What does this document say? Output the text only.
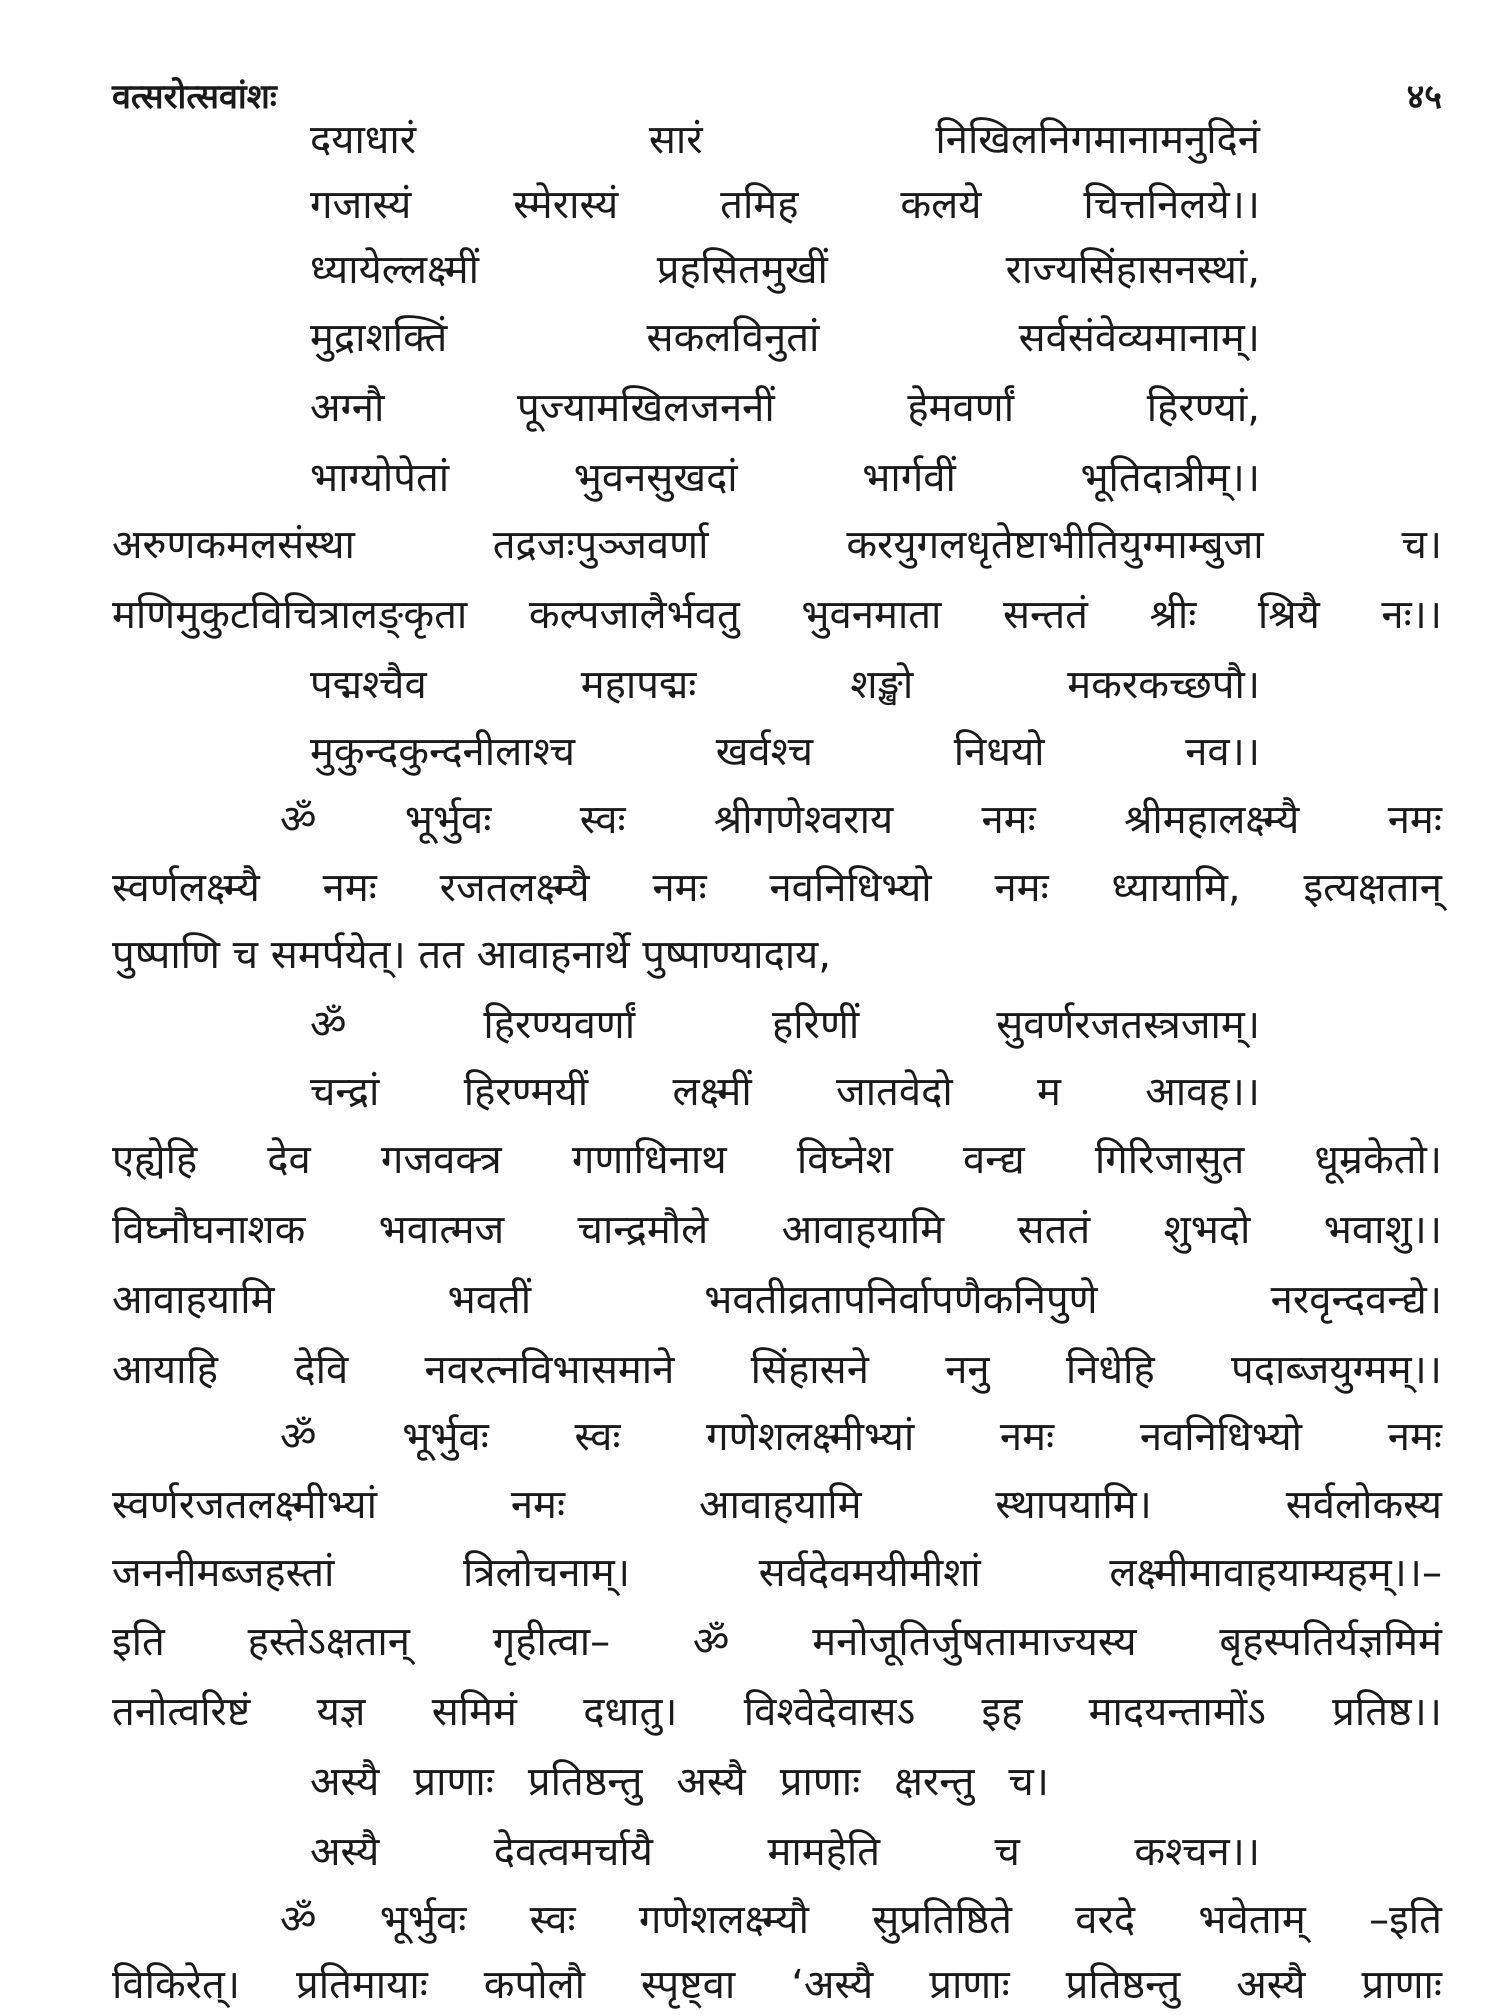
वत्सरोत्सवांशः	४५
दयाधारं	सारं	निखिलनिगमानामनुदिनं
गजास्यं	स्मेरास्यं	तमिह	कलये	चित्तनिलये।।
ध्यायेल्लक्ष्मीं	प्रहसितमुखीं	राज्यसिंहासनस्थां,
मुद्राशक्तिं	सकलविनुतां	सर्वसंवेव्यमानाम्।
अग्नौ	पूज्यामखिलजननीं	हेमवर्णां	हिरण्यां,
भाग्योपेतां	भुवनसुखदां	भार्गवीं	भूतिदात्रीम्।।
अरुणकमलसंस्था	तद्रजःपुञ्जवर्णा	करयुगलधृतेष्टाभीतियुग्माम्बुजा	च।
मणिमुकुटविचित्रालङ्कृता कल्पजालैर्भवतु भुवनमाता सन्ततं श्रीः श्रियै नः।।
पद्मश्चैव	महापद्मः	शङ्खो	मकरकच्छपौ।
मुकुन्दकुन्दनीलाश्च	खर्वश्च	निधयो	नव।।
ॐ भूर्भुवः स्वः श्रीगणेश्वराय नमः श्रीमहालक्ष्म्यै नमः
स्वर्णलक्ष्म्यै नमः रजतलक्ष्म्यै नमः नवनिधिभ्यो नमः ध्यायामि, इत्यक्षतान्
पुष्पाणि च समर्पयेत्। तत आवाहनार्थे पुष्पाण्यादाय,
ॐ	हिरण्यवर्णां	हरिणीं	सुवर्णरजतस्त्रजाम्।
चन्द्रां हिरण्मयीं लक्ष्मीं जातवेदो म आवह।।
एह्येहि देव गजवक्त्र गणाधिनाथ विघ्नेश वन्द्य गिरिजासुत धूम्रकेतो।
विघ्नौघनाशक भवात्मज चान्द्रमौले आवाहयामि सततं शुभदो भवाशु।।
आवाहयामि	भवतीं	भवतीव्रतापनिर्वापणैकनिपुणे	नरवृन्दवन्द्ये।
आयाहि देवि नवरत्नविभासमाने सिंहासने ननु निधेहि पदाब्जयुग्मम्।।
ॐ भूर्भुवः स्वः गणेशलक्ष्मीभ्यां नमः नवनिधिभ्यो नमः
स्वर्णरजतलक्ष्मीभ्यां	नमः	आवाहयामि	स्थापयामि।	सर्वलोकस्य
जननीमब्जहस्तां	त्रिलोचनाम्।	सर्वदेवमयीमीशां	लक्ष्मीमावाहयाम्यहम्।।–
इति हस्तेऽक्षतान् गृहीत्वा– ॐ मनोजूतिर्जुषतामाज्यस्य बृहस्पतिर्यज्ञमिमं
तनोत्वरिष्टं यज्ञ समिमं दधातु। विश्वेदेवासऽ इह मादयन्तामोंऽ प्रतिष्ठ।।
अस्यै प्राणाः प्रतिष्ठन्तु अस्यै प्राणाः क्षरन्तु च।
अस्यै	देवत्वमर्चायै	मामहेति	च	कश्चन।।
ॐ भूर्भुवः स्वः गणेशलक्ष्म्यौ सुप्रतिष्ठिते वरदे भवेताम् –इति
विकिरेत्। प्रतिमायाः कपोलौ स्पृष्ट्वा ‘अस्यै प्राणाः प्रतिष्ठन्तु अस्यै प्राणाः
